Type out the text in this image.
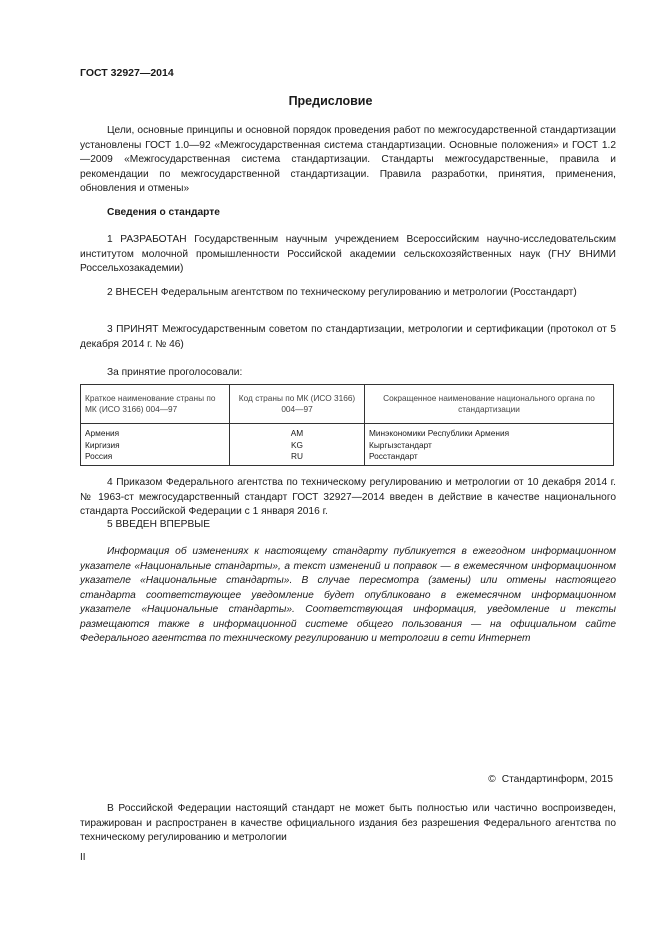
ГОСТ 32927—2014
Предисловие
Цели, основные принципы и основной порядок проведения работ по межгосударственной стандартизации установлены ГОСТ 1.0—92 «Межгосударственная система стандартизации. Основные положения» и ГОСТ 1.2—2009 «Межгосударственная система стандартизации. Стандарты межгосударственные, правила и рекомендации по межгосударственной стандартизации. Правила разработки, принятия, применения, обновления и отмены»
Сведения о стандарте
1 РАЗРАБОТАН Государственным научным учреждением Всероссийским научно-исследовательским институтом молочной промышленности Российской академии сельскохозяйственных наук (ГНУ ВНИМИ Россельхозакадемии)
2 ВНЕСЕН Федеральным агентством по техническому регулированию и метрологии (Росстандарт)
3 ПРИНЯТ Межгосударственным советом по стандартизации, метрологии и сертификации (протокол от 5 декабря 2014 г. № 46)
За принятие проголосовали:
Краткое наименование страны по МК (ИСО 3166) 004—97	Код страны по МК (ИСО 3166) 004—97	Сокращенное наименование национального органа по стандартизации
Армения	AM	Минэкономики Республики Армения
Киргизия	KG	Кыргызстандарт
Россия	RU	Росстандарт
4 Приказом Федерального агентства по техническому регулированию и метрологии от 10 декабря 2014 г. № 1963-ст межгосударственный стандарт ГОСТ 32927—2014 введен в действие в качестве национального стандарта Российской Федерации с 1 января 2016 г.
5 ВВЕДЕН ВПЕРВЫЕ
Информация об изменениях к настоящему стандарту публикуется в ежегодном информационном указателе «Национальные стандарты», а текст изменений и поправок — в ежемесячном информационном указателе «Национальные стандарты». В случае пересмотра (замены) или отмены настоящего стандарта соответствующее уведомление будет опубликовано в ежемесячном информационном указателе «Национальные стандарты». Соответствующая информация, уведомление и тексты размещаются также в информационной системе общего пользования — на официальном сайте Федерального агентства по техническому регулированию и метрологии в сети Интернет
© Стандартинформ, 2015
В Российской Федерации настоящий стандарт не может быть полностью или частично воспроизведен, тиражирован и распространен в качестве официального издания без разрешения Федерального агентства по техническому регулированию и метрологии
II
